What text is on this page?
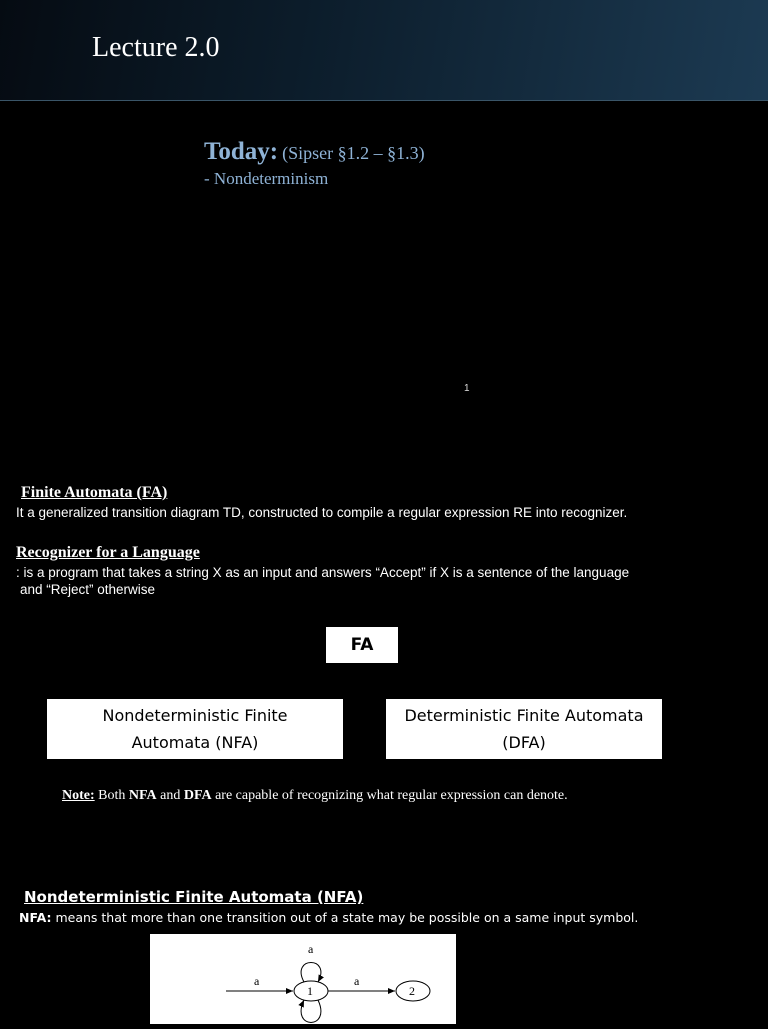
Lecture 2.0
Today: (Sipser §1.2 – §1.3)
- Nondeterminism
1
Finite Automata (FA)
It a generalized transition diagram TD, constructed to compile a regular expression RE into recognizer.
Recognizer for a Language
: is a program that takes a string X as an input and answers “Accept” if X is a sentence of the language
and “Reject” otherwise
FA
Nondeterministic Finite
Automata (NFA)
Deterministic Finite Automata
(DFA)
Note: Both NFA and DFA are capable of recognizing what regular expression can denote.
Nondeterministic Finite Automata (NFA)
NFA: means that more than one transition out of a state may be possible on a same input symbol.
a
1
a
a
2
